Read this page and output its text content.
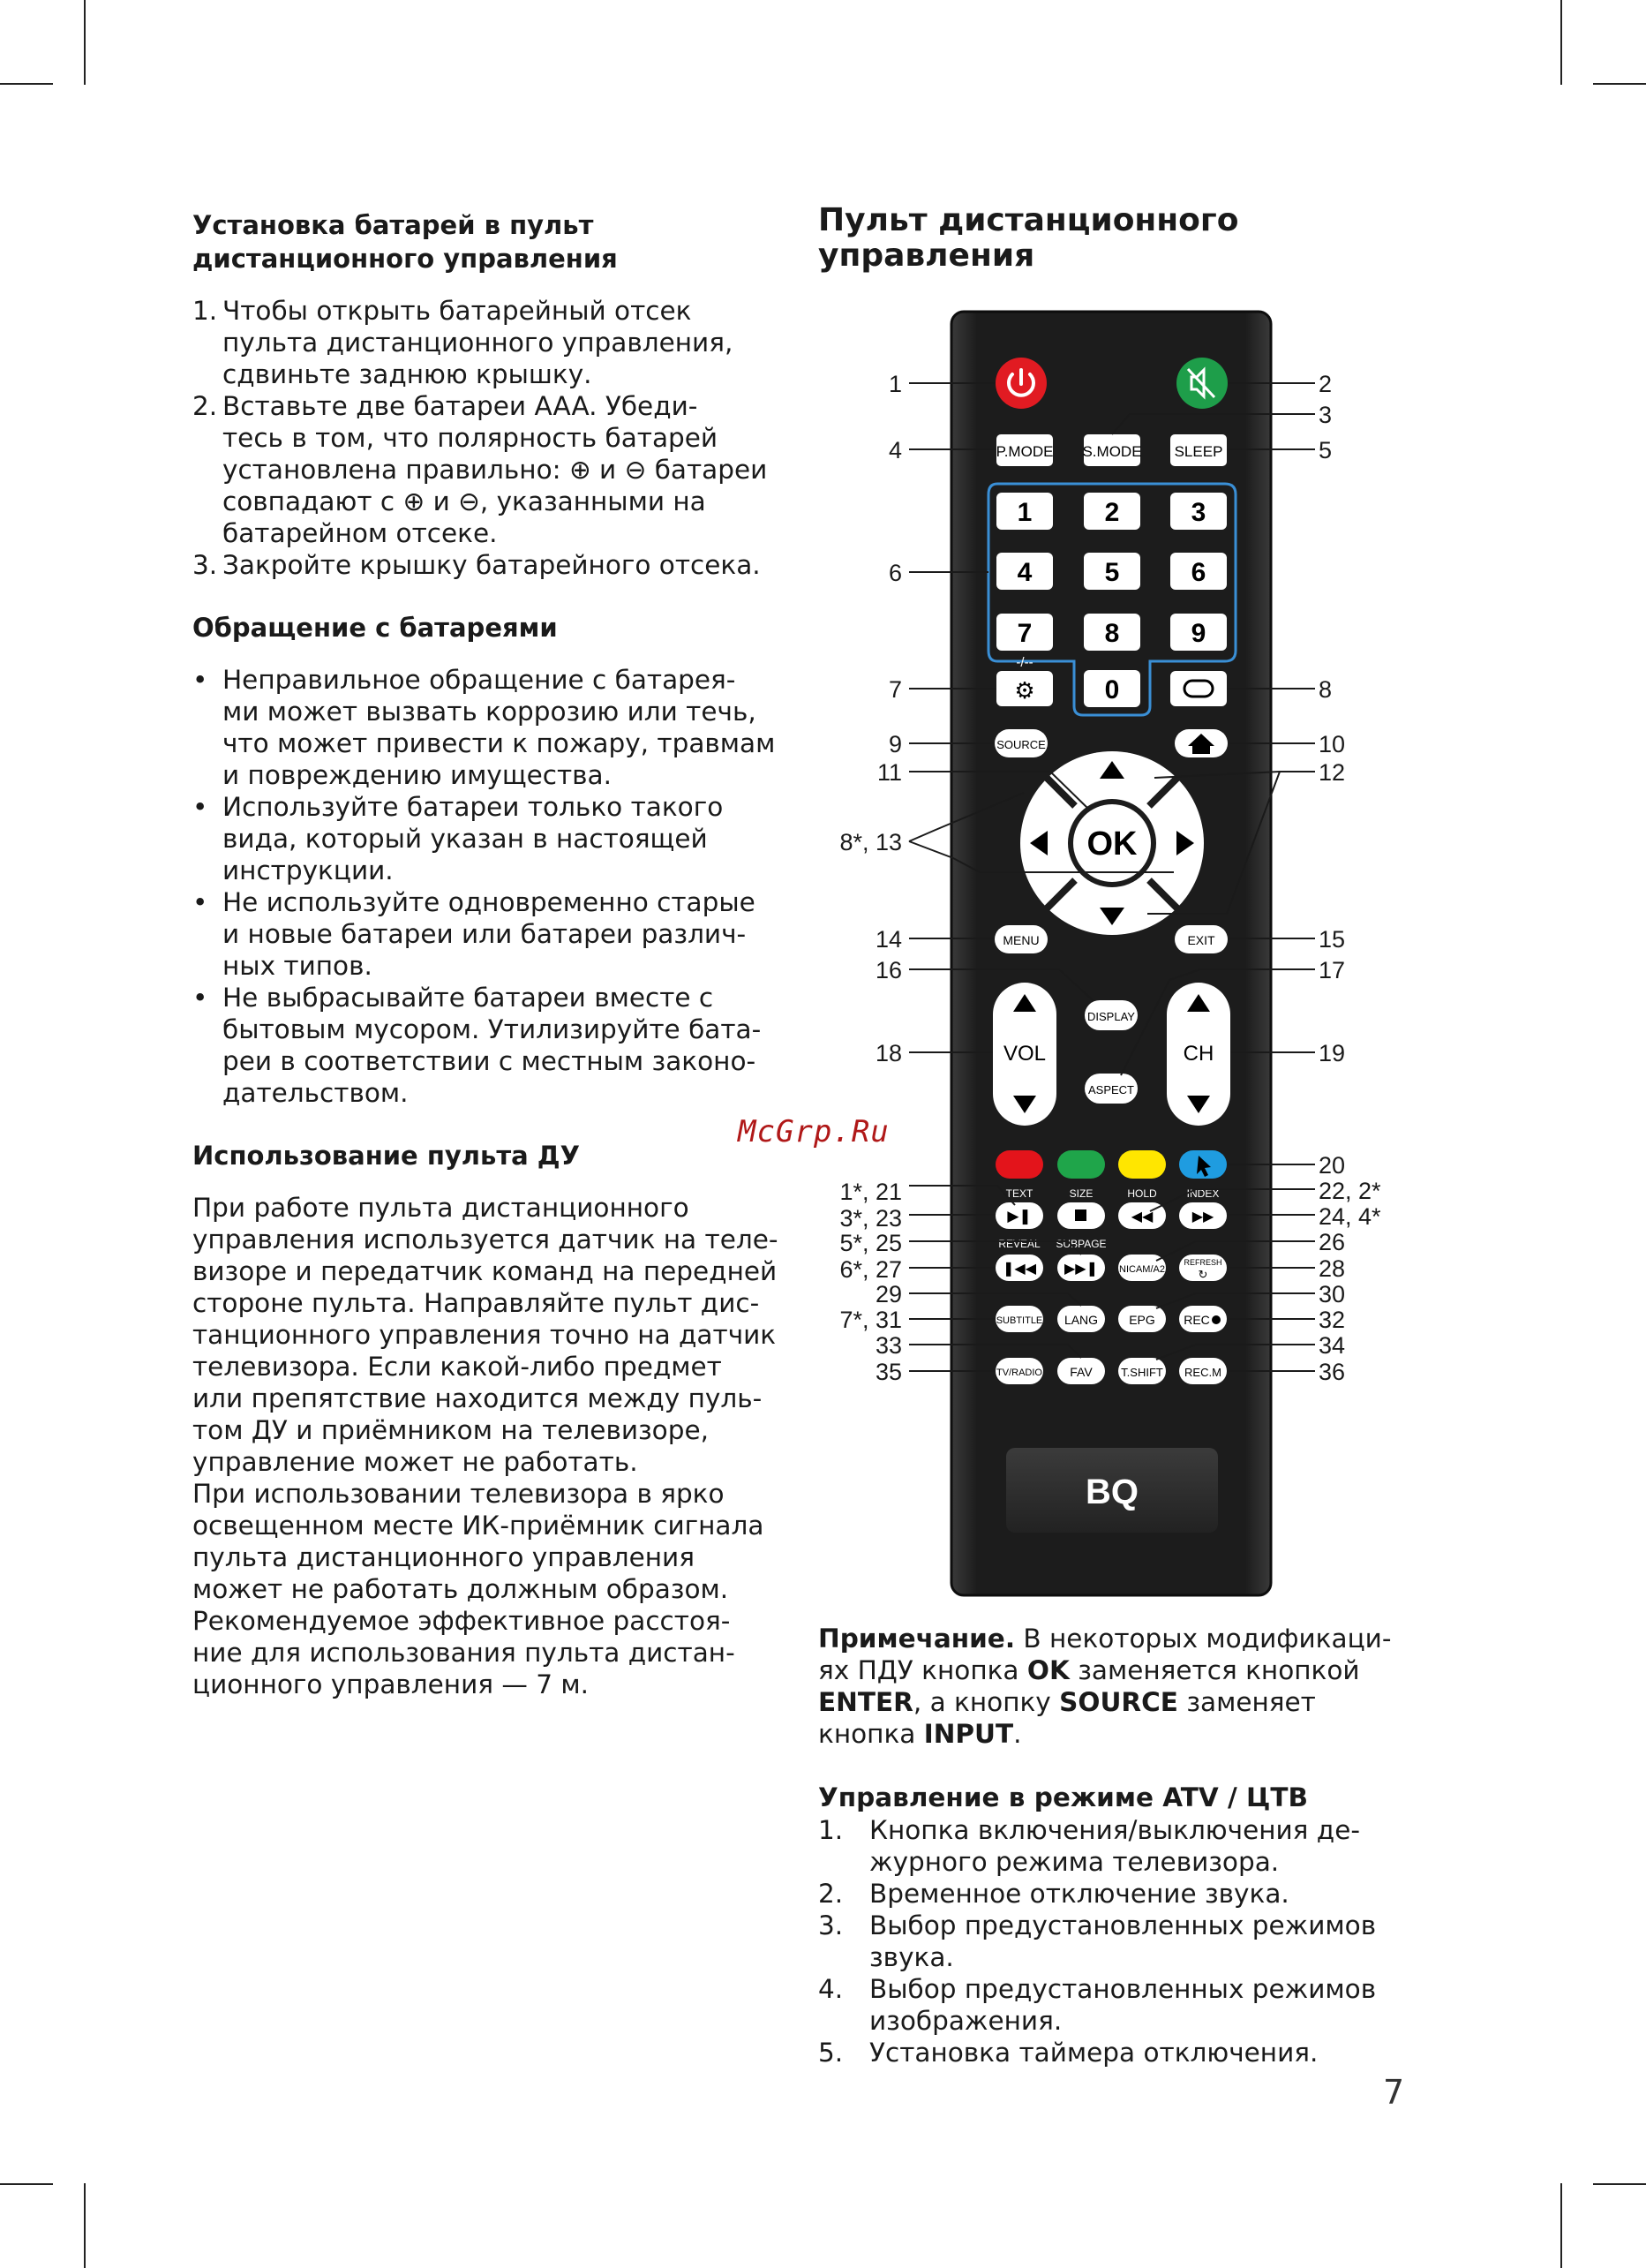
Установка батарей в пульт
дистанционного управления
1. Чтобы открыть батарейный отсек
пульта дистанционного управления,
сдвиньте заднюю крышку.
2. Вставьте две батареи AAA. Убеди-
тесь в том, что полярность батарей
установлена правильно: ⊕ и ⊖ батареи
совпадают с ⊕ и ⊖, указанными на
батарейном отсеке.
3. Закройте крышку батарейного отсека.
Обращение с батареями
• Неправильное обращение с батарея-
ми может вызвать коррозию или течь,
что может привести к пожару, травмам
и повреждению имущества.
• Используйте батареи только такого
вида, который указан в настоящей
инструкции.
• Не используйте одновременно старые
и новые батареи или батареи различ-
ных типов.
• Не выбрасывайте батареи вместе с
бытовым мусором. Утилизируйте бата-
реи в соответствии с местным законо-
дательством.
Использование пульта ДУ

При работе пульта дистанционного
управления используется датчик на теле-
визоре и передатчик команд на передней
стороне пульта. Направляйте пульт дис-
танционного управления точно на датчик
телевизора. Если какой-либо предмет
или препятствие находится между пуль-
том ДУ и приёмником на телевизоре,
управление может не работать.
При использовании телевизора в ярко
освещенном месте ИК-приёмник сигнала
пульта дистанционного управления
может не работать должным образом.
Рекомендуемое эффективное расстоя-
ние для использования пульта дистан-
ционного управления — 7 м.

Пульт дистанционного
управления
P.MODE S.MODE SLEEP
1	2	3
4	5	6
7	8	9
0
⚙
-/--
SOURCE
OK
MENU	EXIT
VOL	CH
DISPLAY
ASPECT
TEXT	SIZE	HOLD	INDEX
▶❚	◀◀	▶▶
REVEAL SUBPAGE
❚◀◀ ▶▶❚ NICAM/A2
REFRESH
↻
SUBTITLE LANG	EPG REC
TV/RADIO FAV T.SHIFT REC.M
BQ
1
4
6
7
9
11
8*, 13
14
16
18
1*, 21
3*, 23
5*, 25
6*, 27
29
7*, 31
33
35
2
3
5
8
10
12
15
17
19
20
22, 2*
24, 4*
26
28
30
32
34
36
McGrp.Ru
Примечание. В некоторых модификаци-
ях ПДУ кнопка OK заменяется кнопкой
ENTER, а кнопку SOURCE заменяет
кнопка INPUT.
Управление в режиме ATV / ЦТВ
1. Кнопка включения/выключения де-
журного режима телевизора.
2. Временное отключение звука.
3. Выбор предустановленных режимов
звука.
4. Выбор предустановленных режимов
изображения.
5. Установка таймера отключения.
7
